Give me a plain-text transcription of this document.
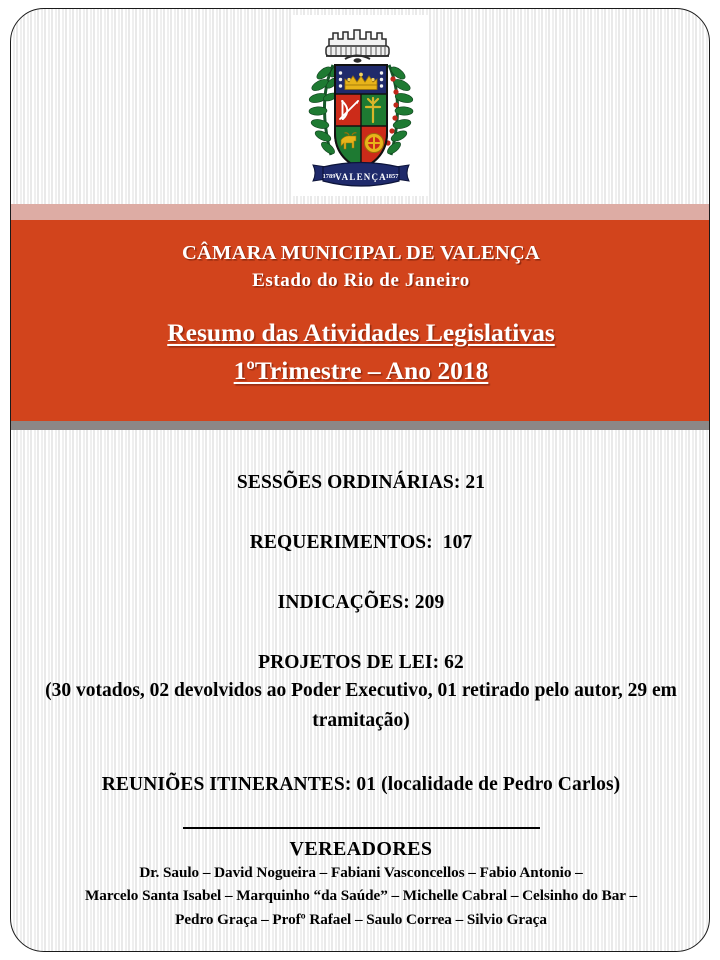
VALENÇA
1789	1857
CÂMARA MUNICIPAL DE VALENÇA
Estado do Rio de Janeiro
Resumo das Atividades Legislativas
1ºTrimestre – Ano 2018
SESSÕES ORDINÁRIAS: 21
REQUERIMENTOS:  107
INDICAÇÕES: 209
PROJETOS DE LEI: 62
(30 votados, 02 devolvidos ao Poder Executivo, 01 retirado pelo autor, 29 em tramitação)
REUNIÕES ITINERANTES: 01 (localidade de Pedro Carlos)
VEREADORES
Dr. Saulo – David Nogueira – Fabiani Vasconcellos – Fabio Antonio –
Marcelo Santa Isabel – Marquinho “da Saúde” – Michelle Cabral – Celsinho do Bar –
Pedro Graça – Profº Rafael – Saulo Correa – Silvio Graça
